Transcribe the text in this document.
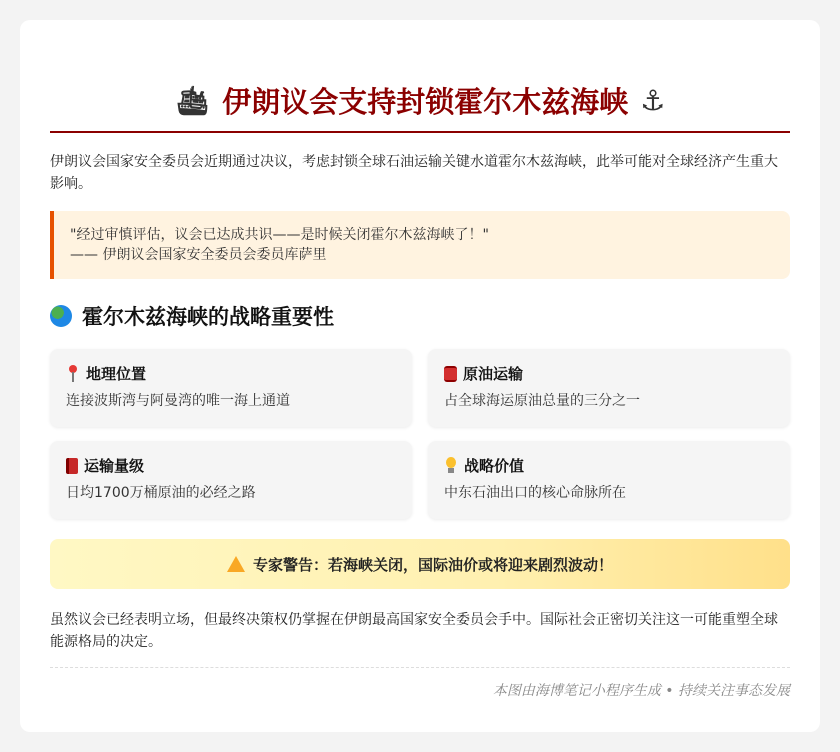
🛳 伊朗议会支持封锁霍尔木兹海峡 ⚓
伊朗议会国家安全委员会近期通过决议，考虑封锁全球石油运输关键水道霍尔木兹海峡，此举可能对全球经济产生重大影响。
"经过审慎评估，议会已达成共识——是时候关闭霍尔木兹海峡了！"
—— 伊朗议会国家安全委员会委员库萨里
霍尔木兹海峡的战略重要性
地理位置
连接波斯湾与阿曼湾的唯一海上通道
原油运输
占全球海运原油总量的三分之一
运输量级
日均1700万桶原油的必经之路
战略价值
中东石油出口的核心命脉所在
专家警告：若海峡关闭，国际油价或将迎来剧烈波动！
虽然议会已经表明立场，但最终决策权仍掌握在伊朗最高国家安全委员会手中。国际社会正密切关注这一可能重塑全球能源格局的决定。
本图由海博笔记小程序生成 • 持续关注事态发展
